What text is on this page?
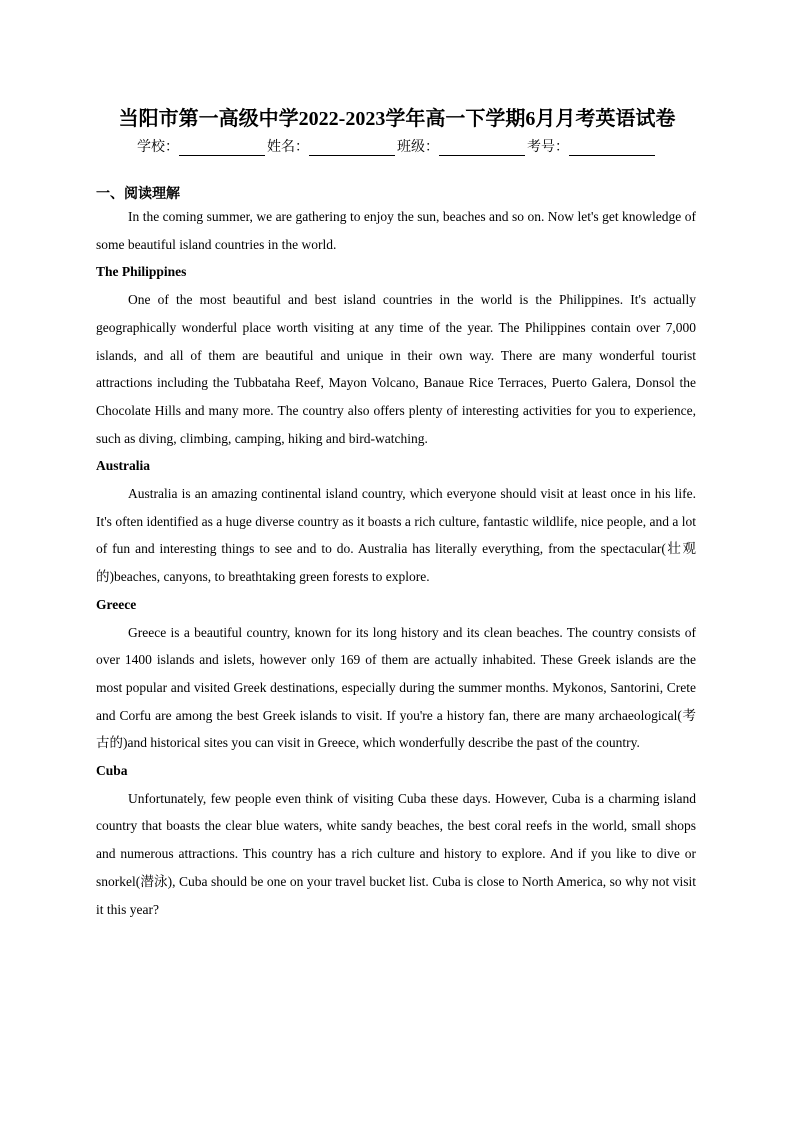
当阳市第一高级中学2022-2023学年高一下学期6月月考英语试卷
学校：	姓名：	班级：	考号：
一、阅读理解

In the coming summer, we are gathering to enjoy the sun, beaches and so on. Now let's get knowledge of some beautiful island countries in the world.

The Philippines

One of the most beautiful and best island countries in the world is the Philippines. It's actually geographically wonderful place worth visiting at any time of the year. The Philippines contain over 7,000 islands, and all of them are beautiful and unique in their own way. There are many wonderful tourist attractions including the Tubbataha Reef, Mayon Volcano, Banaue Rice Terraces, Puerto Galera, Donsol the Chocolate Hills and many more. The country also offers plenty of interesting activities for you to experience, such as diving, climbing, camping, hiking and bird-watching.

Australia

Australia is an amazing continental island country, which everyone should visit at least once in his life. It's often identified as a huge diverse country as it boasts a rich culture, fantastic wildlife, nice people, and a lot of fun and interesting things to see and to do. Australia has literally everything, from the spectacular(壮观的)beaches, canyons, to breathtaking green forests to explore.

Greece

Greece is a beautiful country, known for its long history and its clean beaches. The country consists of over 1400 islands and islets, however only 169 of them are actually inhabited. These Greek islands are the most popular and visited Greek destinations, especially during the summer months. Mykonos, Santorini, Crete and Corfu are among the best Greek islands to visit. If you're a history fan, there are many archaeological(考古的)and historical sites you can visit in Greece, which wonderfully describe the past of the country.

Cuba

Unfortunately, few people even think of visiting Cuba these days. However, Cuba is a charming island country that boasts the clear blue waters, white sandy beaches, the best coral reefs in the world, small shops and numerous attractions. This country has a rich culture and history to explore. And if you like to dive or snorkel(潜泳), Cuba should be one on your travel bucket list. Cuba is close to North America, so why not visit it this year?
